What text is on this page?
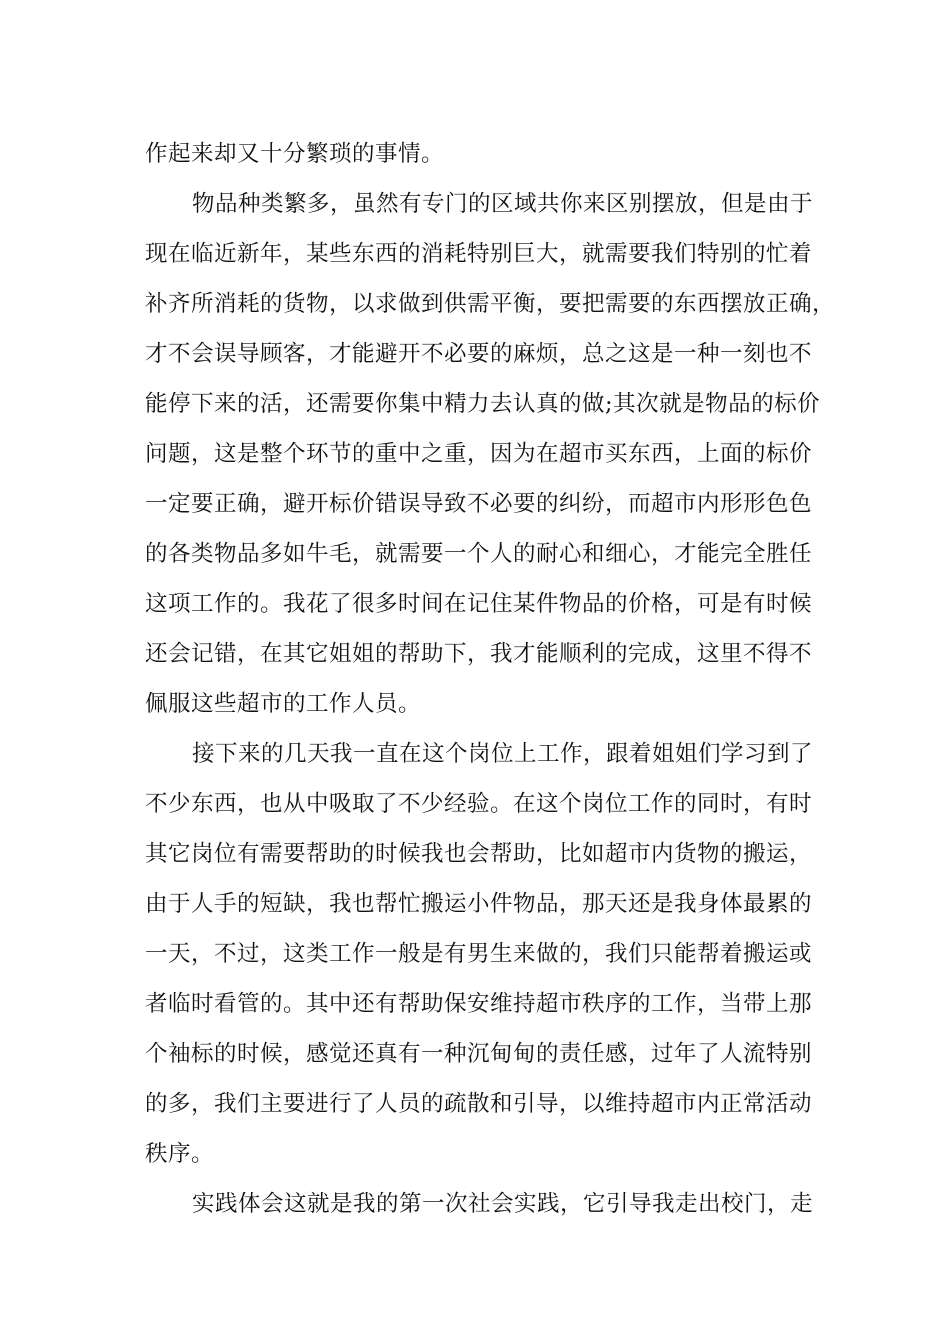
作起来却又十分繁琐的事情。
物品种类繁多，虽然有专门的区域共你来区别摆放，但是由于
现在临近新年，某些东西的消耗特别巨大，就需要我们特别的忙着
补齐所消耗的货物，以求做到供需平衡，要把需要的东西摆放正确，
才不会误导顾客，才能避开不必要的麻烦，总之这是一种一刻也不
能停下来的活，还需要你集中精力去认真的做;其次就是物品的标价
问题，这是整个环节的重中之重，因为在超市买东西，上面的标价
一定要正确，避开标价错误导致不必要的纠纷，而超市内形形色色
的各类物品多如牛毛，就需要一个人的耐心和细心，才能完全胜任
这项工作的。我花了很多时间在记住某件物品的价格，可是有时候
还会记错，在其它姐姐的帮助下，我才能顺利的完成，这里不得不
佩服这些超市的工作人员。
接下来的几天我一直在这个岗位上工作，跟着姐姐们学习到了
不少东西，也从中吸取了不少经验。在这个岗位工作的同时，有时
其它岗位有需要帮助的时候我也会帮助，比如超市内货物的搬运，
由于人手的短缺，我也帮忙搬运小件物品，那天还是我身体最累的
一天，不过，这类工作一般是有男生来做的，我们只能帮着搬运或
者临时看管的。其中还有帮助保安维持超市秩序的工作，当带上那
个袖标的时候，感觉还真有一种沉甸甸的责任感，过年了人流特别
的多，我们主要进行了人员的疏散和引导，以维持超市内正常活动
秩序。
实践体会这就是我的第一次社会实践，它引导我走出校门，走
